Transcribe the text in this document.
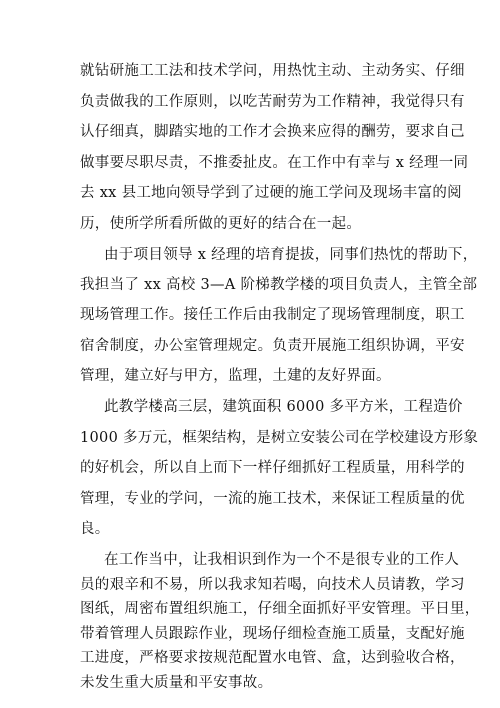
就钻研施工工法和技术学问，用热忱主动、主动务实、仔细
负责做我的工作原则，以吃苦耐劳为工作精神，我觉得只有
认仔细真，脚踏实地的工作才会换来应得的酬劳，要求自己
做事要尽职尽责，不推委扯皮。在工作中有幸与 x 经理一同
去 xx 县工地向领导学到了过硬的施工学问及现场丰富的阅
历，使所学所看所做的更好的结合在一起。
由于项目领导 x 经理的培育提拔，同事们热忱的帮助下，
我担当了 xx 高校 3—A 阶梯教学楼的项目负责人，主管全部
现场管理工作。接任工作后由我制定了现场管理制度，职工
宿舍制度，办公室管理规定。负责开展施工组织协调，平安
管理，建立好与甲方，监理，土建的友好界面。
此教学楼高三层，建筑面积 6000 多平方米，工程造价
1000 多万元，框架结构，是树立安装公司在学校建设方形象
的好机会，所以自上而下一样仔细抓好工程质量，用科学的
管理，专业的学问，一流的施工技术，来保证工程质量的优
良。
在工作当中，让我相识到作为一个不是很专业的工作人
员的艰辛和不易，所以我求知若喝，向技术人员请教，学习
图纸，周密布置组织施工，仔细全面抓好平安管理。平日里，
带着管理人员跟踪作业，现场仔细检查施工质量，支配好施
工进度，严格要求按规范配置水电管、盒，达到验收合格，
未发生重大质量和平安事故。
